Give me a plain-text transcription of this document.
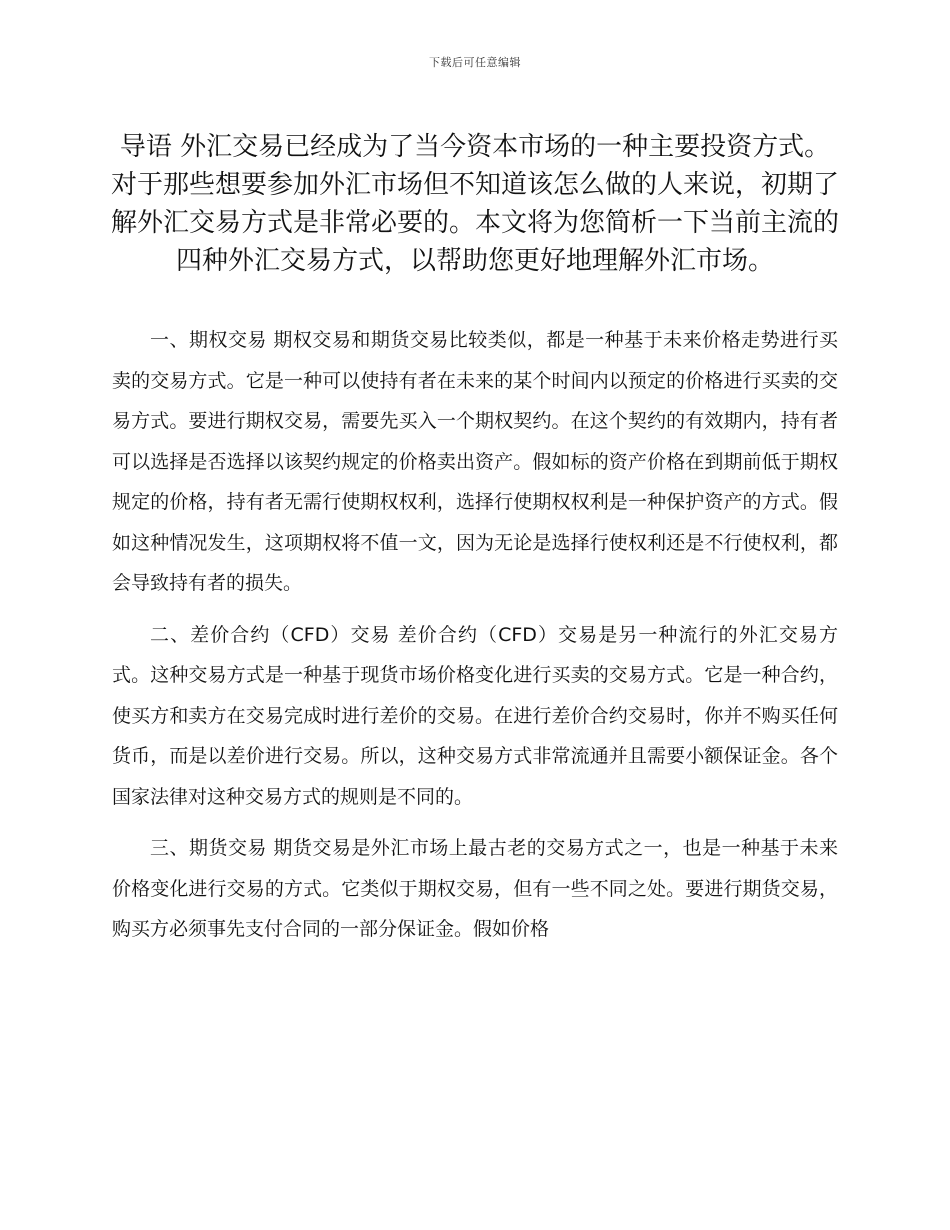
下载后可任意编辑
导语 外汇交易已经成为了当今资本市场的一种主要投资方式。对于那些想要参加外汇市场但不知道该怎么做的人来说，初期了解外汇交易方式是非常必要的。本文将为您简析一下当前主流的四种外汇交易方式，以帮助您更好地理解外汇市场。

一、期权交易 期权交易和期货交易比较类似，都是一种基于未来价格走势进行买卖的交易方式。它是一种可以使持有者在未来的某个时间内以预定的价格进行买卖的交易方式。要进行期权交易，需要先买入一个期权契约。在这个契约的有效期内，持有者可以选择是否选择以该契约规定的价格卖出资产。假如标的资产价格在到期前低于期权规定的价格，持有者无需行使期权权利，选择行使期权权利是一种保护资产的方式。假如这种情况发生，这项期权将不值一文，因为无论是选择行使权利还是不行使权利，都会导致持有者的损失。

二、差价合约（CFD）交易 差价合约（CFD）交易是另一种流行的外汇交易方式。这种交易方式是一种基于现货市场价格变化进行买卖的交易方式。它是一种合约，使买方和卖方在交易完成时进行差价的交易。在进行差价合约交易时，你并不购买任何货币，而是以差价进行交易。所以，这种交易方式非常流通并且需要小额保证金。各个国家法律对这种交易方式的规则是不同的。

三、期货交易 期货交易是外汇市场上最古老的交易方式之一，也是一种基于未来价格变化进行交易的方式。它类似于期权交易，但有一些不同之处。要进行期货交易，购买方必须事先支付合同的一部分保证金。假如价格
